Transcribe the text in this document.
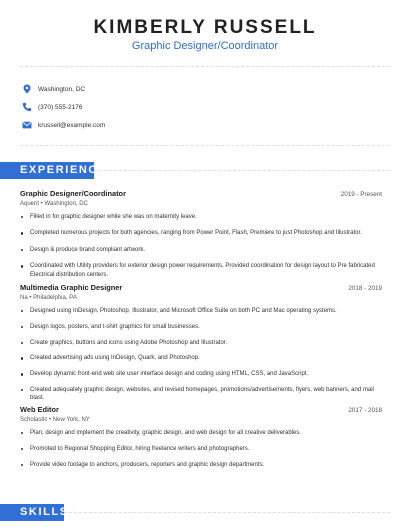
KIMBERLY RUSSELL
Graphic Designer/Coordinator
Washington, DC
(370) 555-2176
krussell@example.com
EXPERIENCE
Graphic Designer/Coordinator	2019 - Present
Aquent • Washington, DC
Filled in for graphic designer while she was on maternity leave.
Completed numerous projects for both agencies, ranging from Power Point, Flash, Premiere to just Photoshop and Illustrator.
Design & produce brand compliant artwork.
Coordinated with Utility providers for exterior design power requirements, Provided coordination for design layout to Pre fabricated Electrical distribution centers.
Multimedia Graphic Designer	2018 - 2019
Na • Philadelphia, PA
Designed using InDesign, Photoshop, Illustrator, and Microsoft Office Suite on both PC and Mac operating systems.
Design logos, posters, and t-shirt graphics for small businesses.
Create graphics, buttons and icons using Adobe Photoshop and Illustrator.
Created advertising ads using InDesign, Quark, and Photoshop.
Develop dynamic front-end web site user interface design and coding using HTML, CSS, and JavaScript.
Created adequately graphic design, websites, and revised homepages, promotions/advertisements, flyers, web banners, and mail blast.
Web Editor	2017 - 2018
Scholastic • New York, NY
Plan, design and implement the creativity, graphic design, and web design for all creative deliverables.
Promoted to Regional Shopping Editor, hiring freelance writers and photographers.
Provide video footage to anchors, producers, reporters and graphic design departments.
SKILLS
